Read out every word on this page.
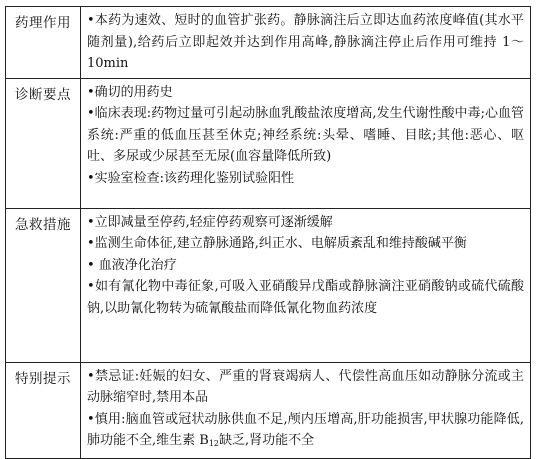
药理作用	•本药为速效、短时的血管扩张药。静脉滴注后立即达血药浓度峰值(其水平随剂量),给药后立即起效并达到作用高峰,静脉滴注停止后作用可维持 1～10min

诊断要点	•确切的用药史
•临床表现:药物过量可引起动脉血乳酸盐浓度增高,发生代谢性酸中毒;心血管系统:严重的低血压甚至休克;神经系统:头晕、嗜睡、目眩;其他:恶心、呕吐、多尿或少尿甚至无尿(血容量降低所致)
•实验室检查:该药理化鉴别试验阳性

急救措施	•立即减量至停药,轻症停药观察可逐渐缓解
•监测生命体征,建立静脉通路,纠正水、电解质紊乱和维持酸碱平衡
• 血液净化治疗
•如有氰化物中毒征象,可吸入亚硝酸异戊酯或静脉滴注亚硝酸钠或硫代硫酸钠,以助氰化物转为硫氰酸盐而降低氰化物血药浓度

特别提示	•禁忌证:妊娠的妇女、严重的肾衰竭病人、代偿性高血压如动静脉分流或主动脉缩窄时,禁用本品
•慎用:脑血管或冠状动脉供血不足,颅内压增高,肝功能损害,甲状腺功能降低,肺功能不全,维生素 $B_{12}$缺乏,肾功能不全
